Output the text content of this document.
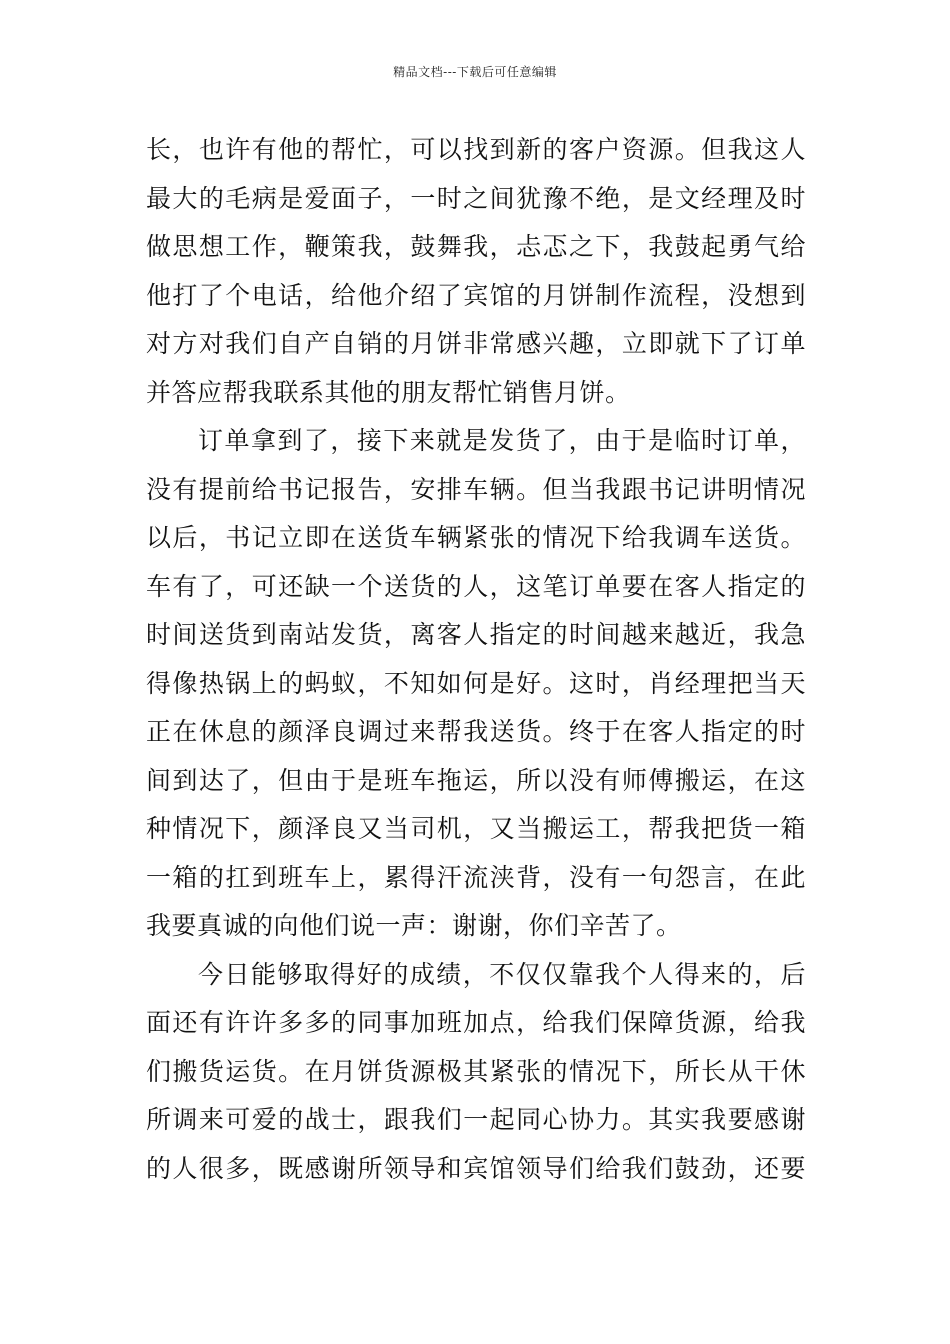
精品文档---下载后可任意编辑
长，也许有他的帮忙，可以找到新的客户资源。但我这人
最大的毛病是爱面子，一时之间犹豫不绝，是文经理及时
做思想工作，鞭策我，鼓舞我，忐忑之下，我鼓起勇气给
他打了个电话，给他介绍了宾馆的月饼制作流程，没想到
对方对我们自产自销的月饼非常感兴趣，立即就下了订单
并答应帮我联系其他的朋友帮忙销售月饼。
订单拿到了，接下来就是发货了，由于是临时订单，
没有提前给书记报告，安排车辆。但当我跟书记讲明情况
以后，书记立即在送货车辆紧张的情况下给我调车送货。
车有了，可还缺一个送货的人，这笔订单要在客人指定的
时间送货到南站发货，离客人指定的时间越来越近，我急
得像热锅上的蚂蚁，不知如何是好。这时，肖经理把当天
正在休息的颜泽良调过来帮我送货。终于在客人指定的时
间到达了，但由于是班车拖运，所以没有师傅搬运，在这
种情况下，颜泽良又当司机，又当搬运工，帮我把货一箱
一箱的扛到班车上，累得汗流浃背，没有一句怨言，在此
我要真诚的向他们说一声：谢谢，你们辛苦了。
今日能够取得好的成绩，不仅仅靠我个人得来的，后
面还有许许多多的同事加班加点，给我们保障货源，给我
们搬货运货。在月饼货源极其紧张的情况下，所长从干休
所调来可爱的战士，跟我们一起同心协力。其实我要感谢
的人很多，既感谢所领导和宾馆领导们给我们鼓劲，还要
